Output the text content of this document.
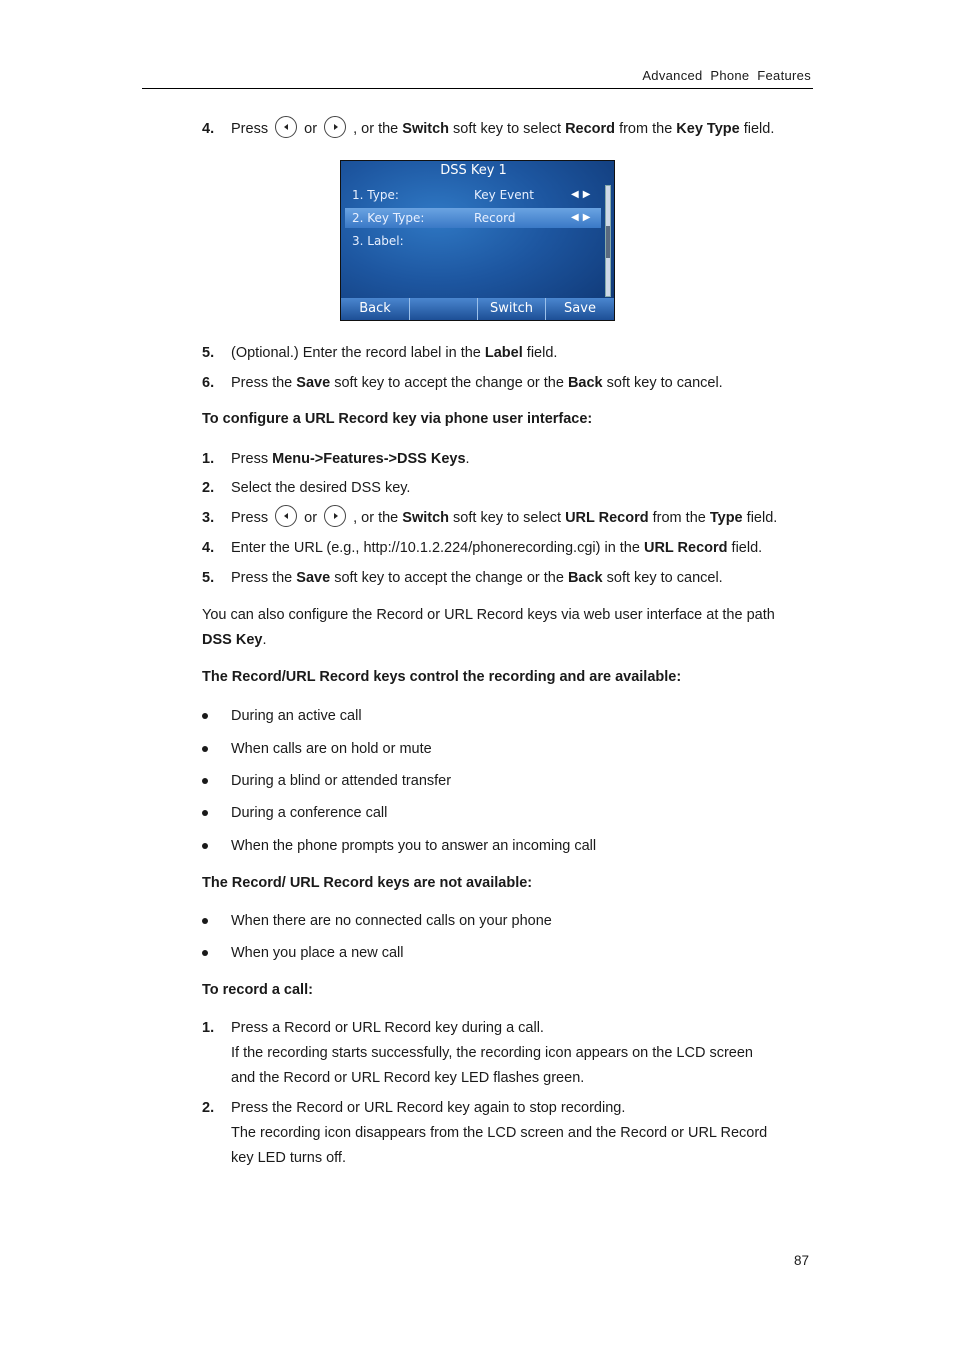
Advanced  Phone  Features
4. Press or , or the Switch soft key to select Record from the Key Type field.
DSS Key 1
1. Type:	Key Event	◀▶
2. Key Type:	Record	◀▶
3. Label:
Back	Switch	Save
5. (Optional.) Enter the record label in the Label field.
6. Press the Save soft key to accept the change or the Back soft key to cancel.
To configure a URL Record key via phone user interface:
1. Press Menu->Features->DSS Keys.
2. Select the desired DSS key.
3. Press or , or the Switch soft key to select URL Record from the Type field.
4. Enter the URL (e.g., http://10.1.2.224/phonerecording.cgi) in the URL Record field.
5. Press the Save soft key to accept the change or the Back soft key to cancel.
You can also configure the Record or URL Record keys via web user interface at the path
DSS Key.
The Record/URL Record keys control the recording and are available:
During an active call
When calls are on hold or mute
During a blind or attended transfer
During a conference call
When the phone prompts you to answer an incoming call
The Record/ URL Record keys are not available:
When there are no connected calls on your phone
When you place a new call
To record a call:
1. Press a Record or URL Record key during a call.
If the recording starts successfully, the recording icon appears on the LCD screen
and the Record or URL Record key LED flashes green.
2. Press the Record or URL Record key again to stop recording.
The recording icon disappears from the LCD screen and the Record or URL Record
key LED turns off.
87
